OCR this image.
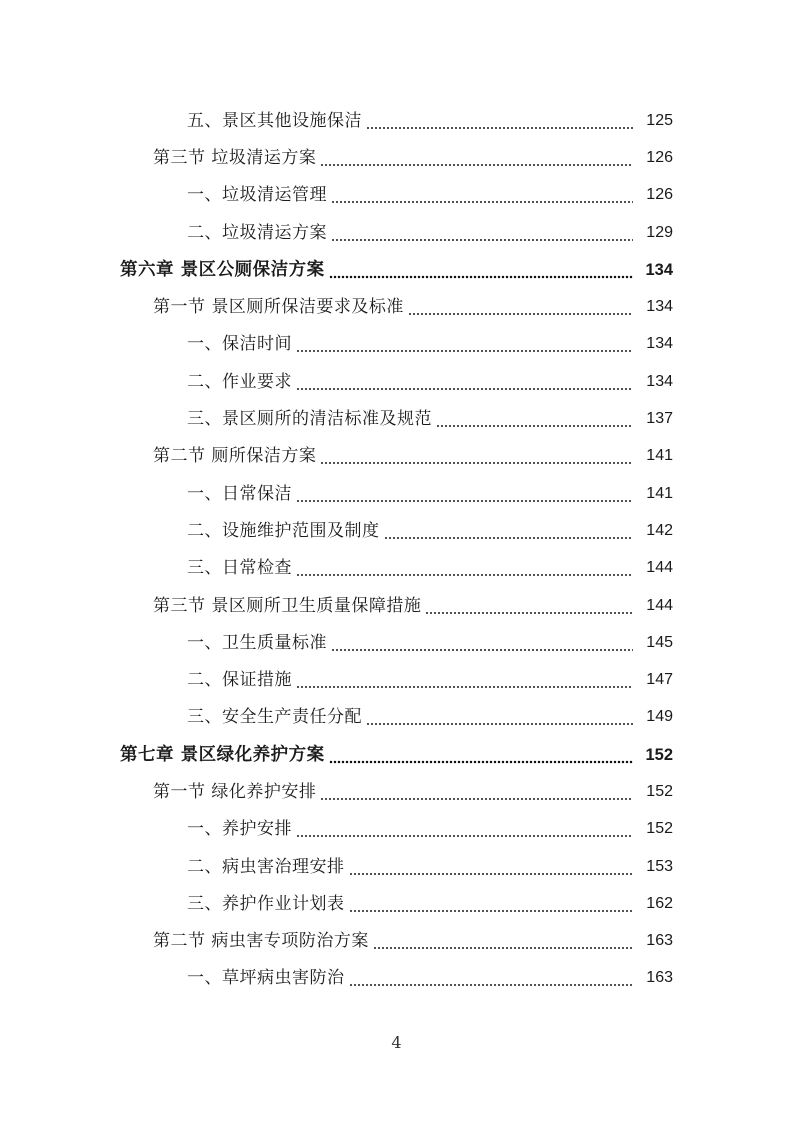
五、景区其他设施保洁	125
第三节 垃圾清运方案	126
一、垃圾清运管理	126
二、垃圾清运方案	129
第六章 景区公厕保洁方案	134
第一节 景区厕所保洁要求及标准	134
一、保洁时间	134
二、作业要求	134
三、景区厕所的清洁标准及规范	137
第二节 厕所保洁方案	141
一、日常保洁	141
二、设施维护范围及制度	142
三、日常检查	144
第三节 景区厕所卫生质量保障措施	144
一、卫生质量标准	145
二、保证措施	147
三、安全生产责任分配	149
第七章 景区绿化养护方案	152
第一节 绿化养护安排	152
一、养护安排	152
二、病虫害治理安排	153
三、养护作业计划表	162
第二节 病虫害专项防治方案	163
一、草坪病虫害防治	163
4
